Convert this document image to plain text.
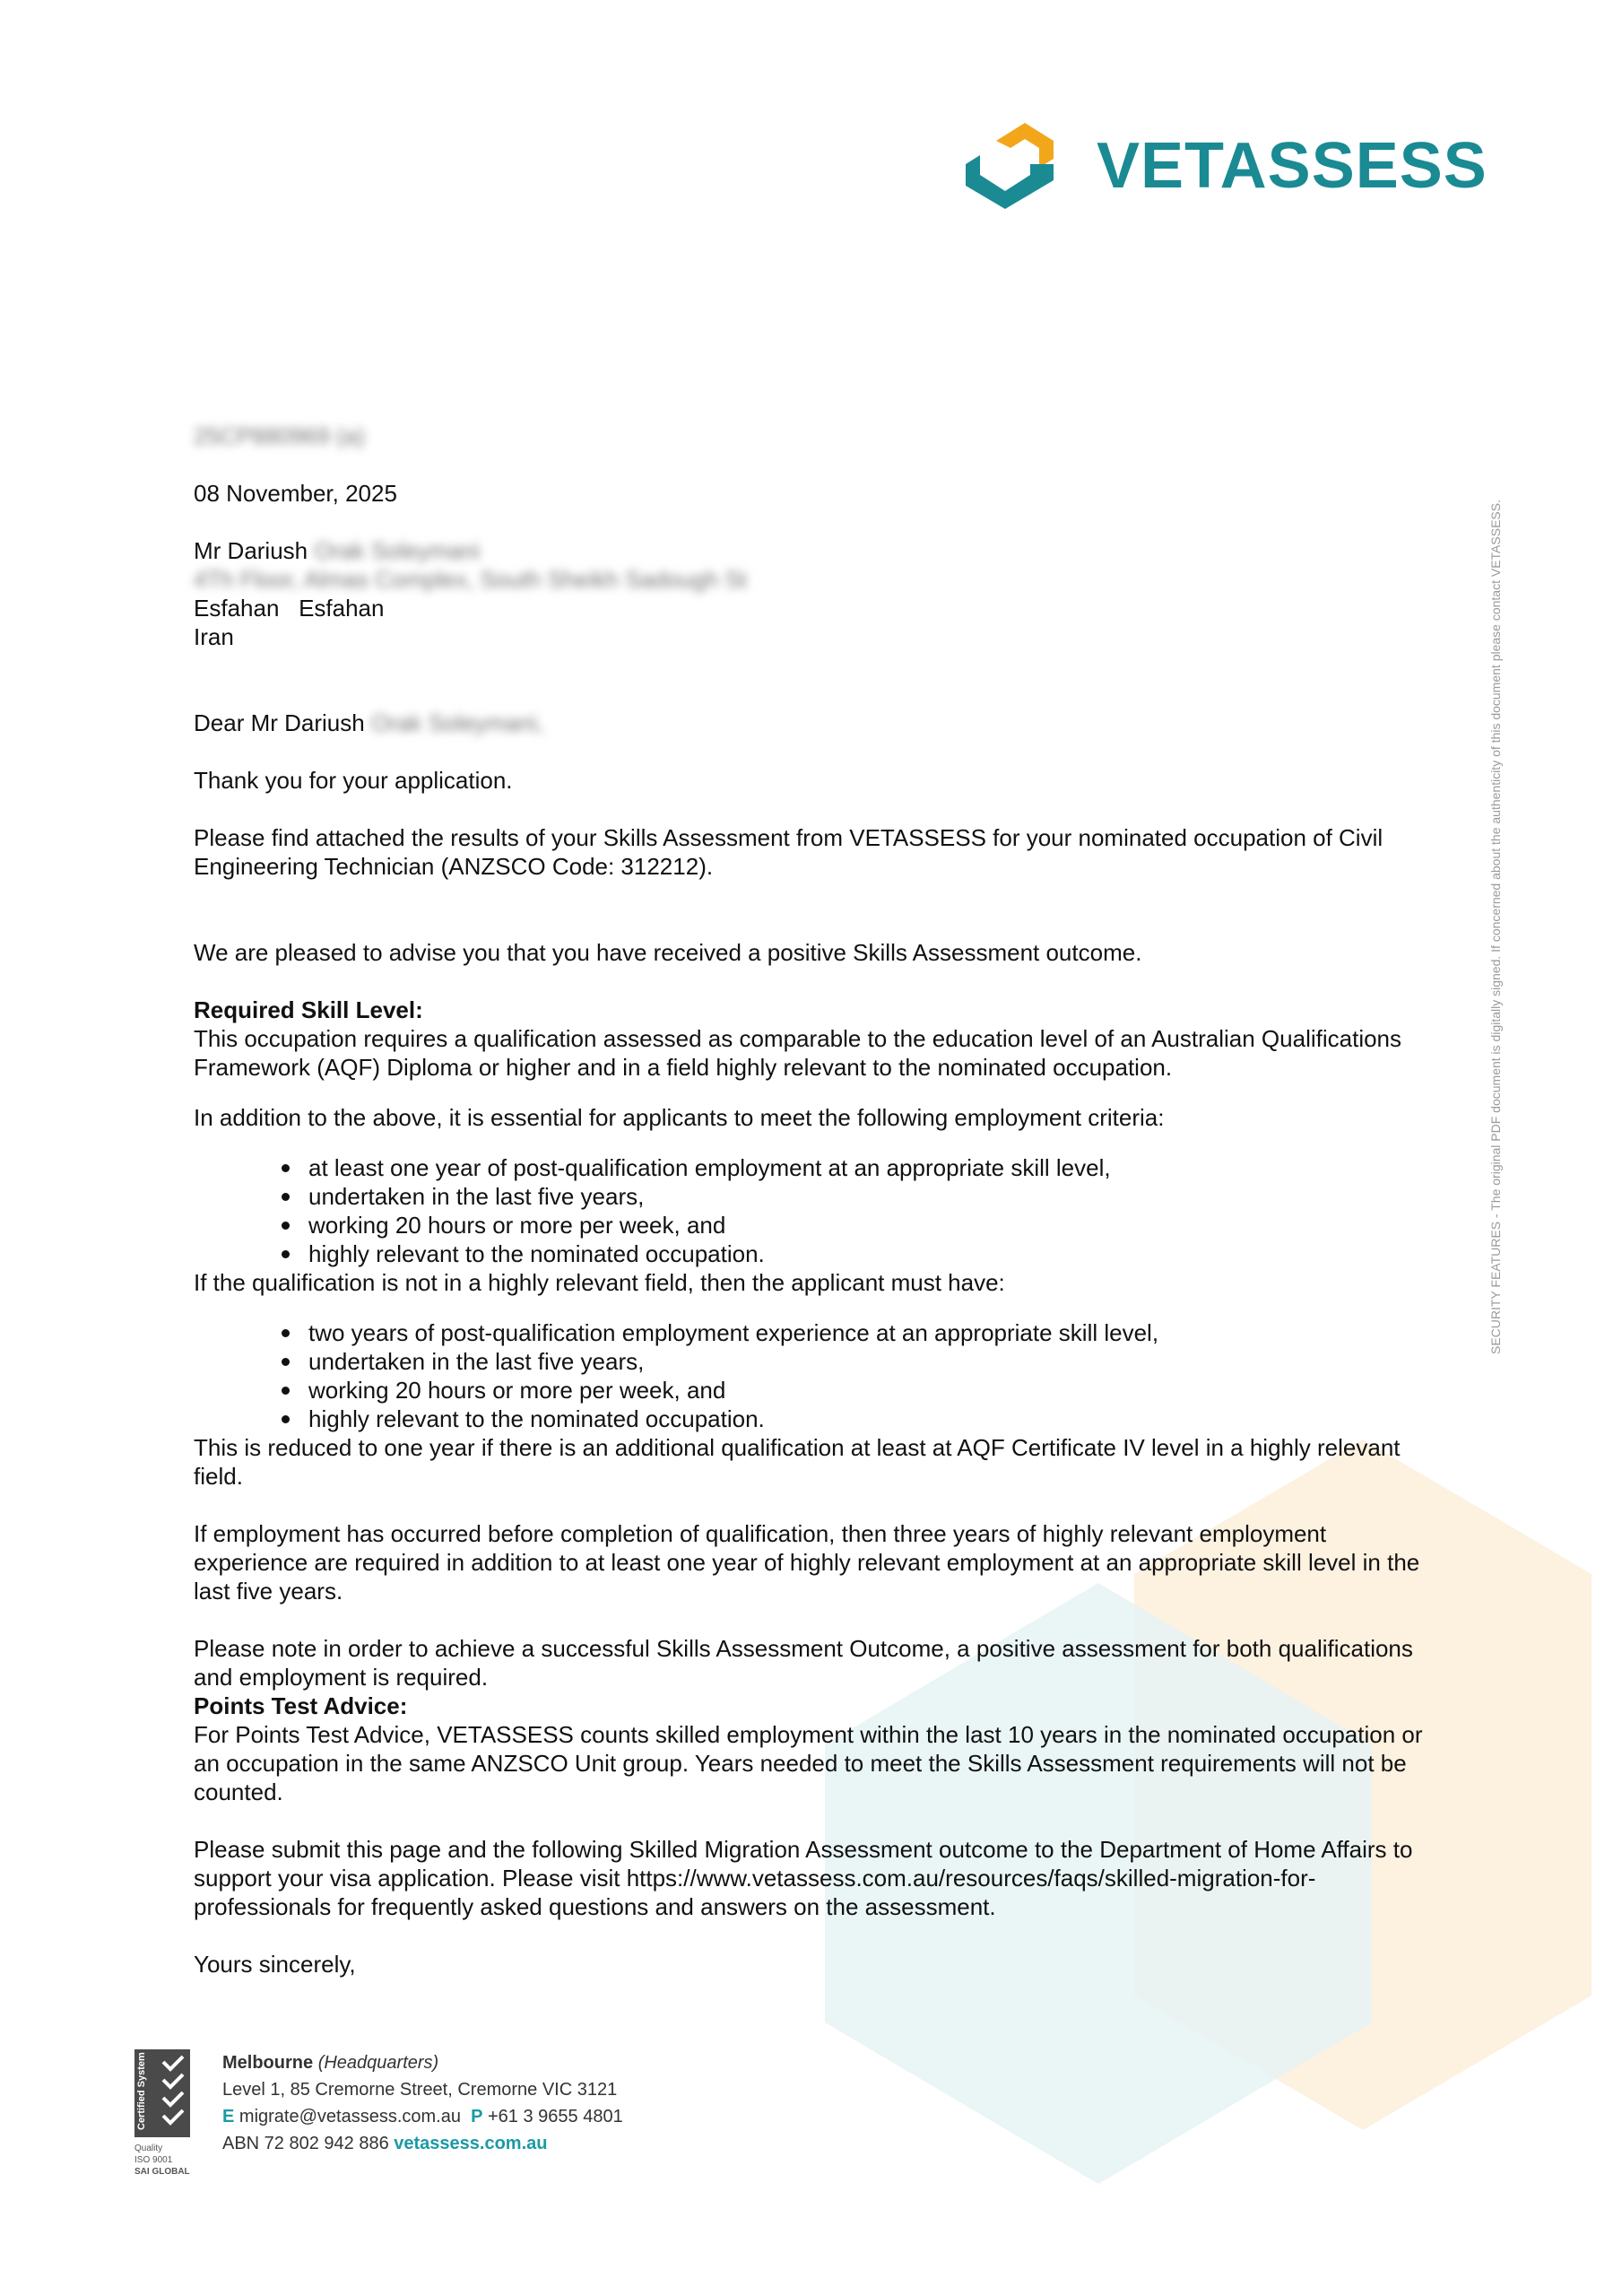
VETASSESS
SECURITY FEATURES - The original PDF document is digitally signed. If concerned about the authenticity of this document please contact VETASSESS.

25CP880969 (a)

08 November, 2025

Mr Dariush Orak Soleymani

4Th Floor, Almas Complex, South Sheikh Sadough St

Esfahan   Esfahan

Iran

Dear Mr Dariush Orak Soleymani,

Thank you for your application.

Please find attached the results of your Skills Assessment from VETASSESS for your nominated occupation of Civil Engineering Technician (ANZSCO Code: 312212).

We are pleased to advise you that you have received a positive Skills Assessment outcome.

Required Skill Level:

This occupation requires a qualification assessed as comparable to the education level of an Australian Qualifications Framework (AQF) Diploma or higher and in a field highly relevant to the nominated occupation.

In addition to the above, it is essential for applicants to meet the following employment criteria:

at least one year of post-qualification employment at an appropriate skill level,
undertaken in the last five years,
working 20 hours or more per week, and
highly relevant to the nominated occupation.

If the qualification is not in a highly relevant field, then the applicant must have:

two years of post-qualification employment experience at an appropriate skill level,
undertaken in the last five years,
working 20 hours or more per week, and
highly relevant to the nominated occupation.

This is reduced to one year if there is an additional qualification at least at AQF Certificate IV level in a highly relevant field.

If employment has occurred before completion of qualification, then three years of highly relevant employment experience are required in addition to at least one year of highly relevant employment at an appropriate skill level in the last five years.

Please note in order to achieve a successful Skills Assessment Outcome, a positive assessment for both qualifications and employment is required.

Points Test Advice:

For Points Test Advice, VETASSESS counts skilled employment within the last 10 years in the nominated occupation or an occupation in the same ANZSCO Unit group. Years needed to meet the Skills Assessment requirements will not be counted.

Please submit this page and the following Skilled Migration Assessment outcome to the Department of Home Affairs to support your visa application. Please visit https://www.vetassess.com.au/resources/faqs/skilled-migration-for-professionals for frequently asked questions and answers on the assessment.

Yours sincerely,

Certified System
Quality
ISO 9001
SAI GLOBAL
Melbourne (Headquarters)
Level 1, 85 Cremorne Street, Cremorne VIC 3121
E migrate@vetassess.com.au P +61 3 9655 4801
ABN 72 802 942 886 vetassess.com.au
